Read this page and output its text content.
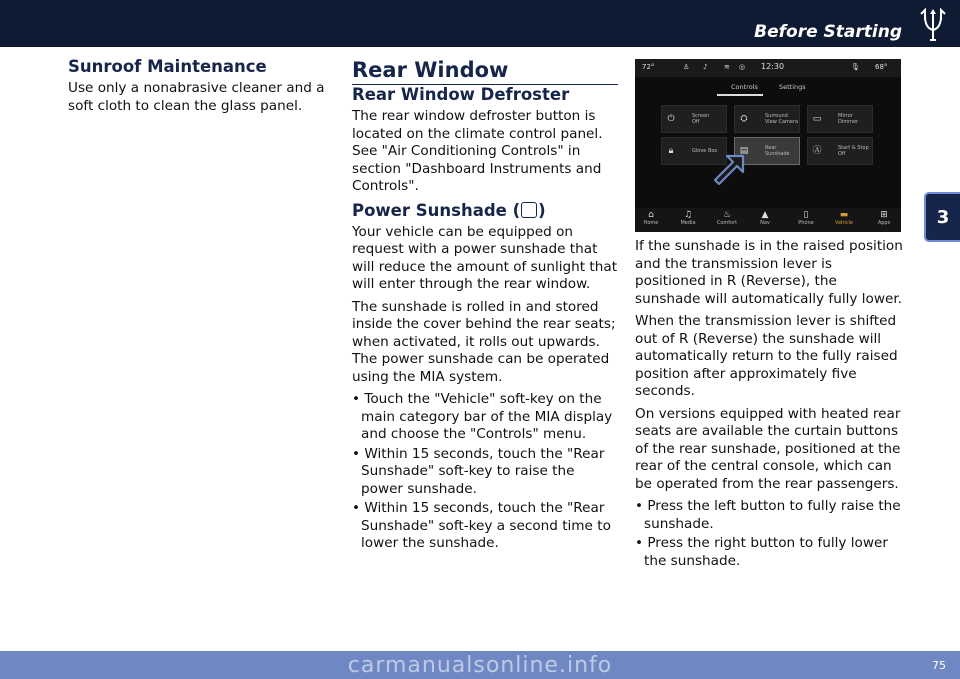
Before Starting
3
Sunroof Maintenance

Use only a nonabrasive cleaner and a soft cloth to clean the glass panel.

Rear Window
Rear Window Defroster

The rear window defroster button is located on the climate control panel. See "Air Conditioning Controls" in section "Dashboard Instruments and Controls".

Power Sunshade ( )

Your vehicle can be equipped on request with a power sunshade that will reduce the amount of sunlight that will enter through the rear window.

The sunshade is rolled in and stored inside the cover behind the rear seats; when activated, it rolls out upwards. The power sunshade can be operated using the MIA system.

• Touch the "Vehicle" soft-key on the main category bar of the MIA display and choose the "Controls" menu.
• Within 15 seconds, touch the "Rear Sunshade" soft-key to raise the power sunshade.
• Within 15 seconds, touch the "Rear Sunshade" soft-key a second time to lower the sunshade.
72°	♙ ♪ ≋ ◎ 12:30	🎙︎ 68°
Controls	Settings
⏻	Screen
Off	⛭	Surround
View Camera ▭	Mirror
Dimmer
🔒︎	Glove Box	▤	Rear
Sunshade	Ⓐ	Start & Stop
Off
⌂
Home
♫
Media
♨
Comfort
▲
Nav
▯
Phone
▬
Vehicle
⊞
Apps

If the sunshade is in the raised position and the transmission lever is positioned in R (Reverse), the sunshade will automatically fully lower.

When the transmission lever is shifted out of R (Reverse) the sunshade will automatically return to the fully raised position after approximately five seconds.

On versions equipped with heated rear seats are available the curtain buttons of the rear sunshade, positioned at the rear of the central console, which can be operated from the rear passengers.

• Press the left button to fully raise the sunshade.
• Press the right button to fully lower the sunshade.
carmanualsonline.info	75
